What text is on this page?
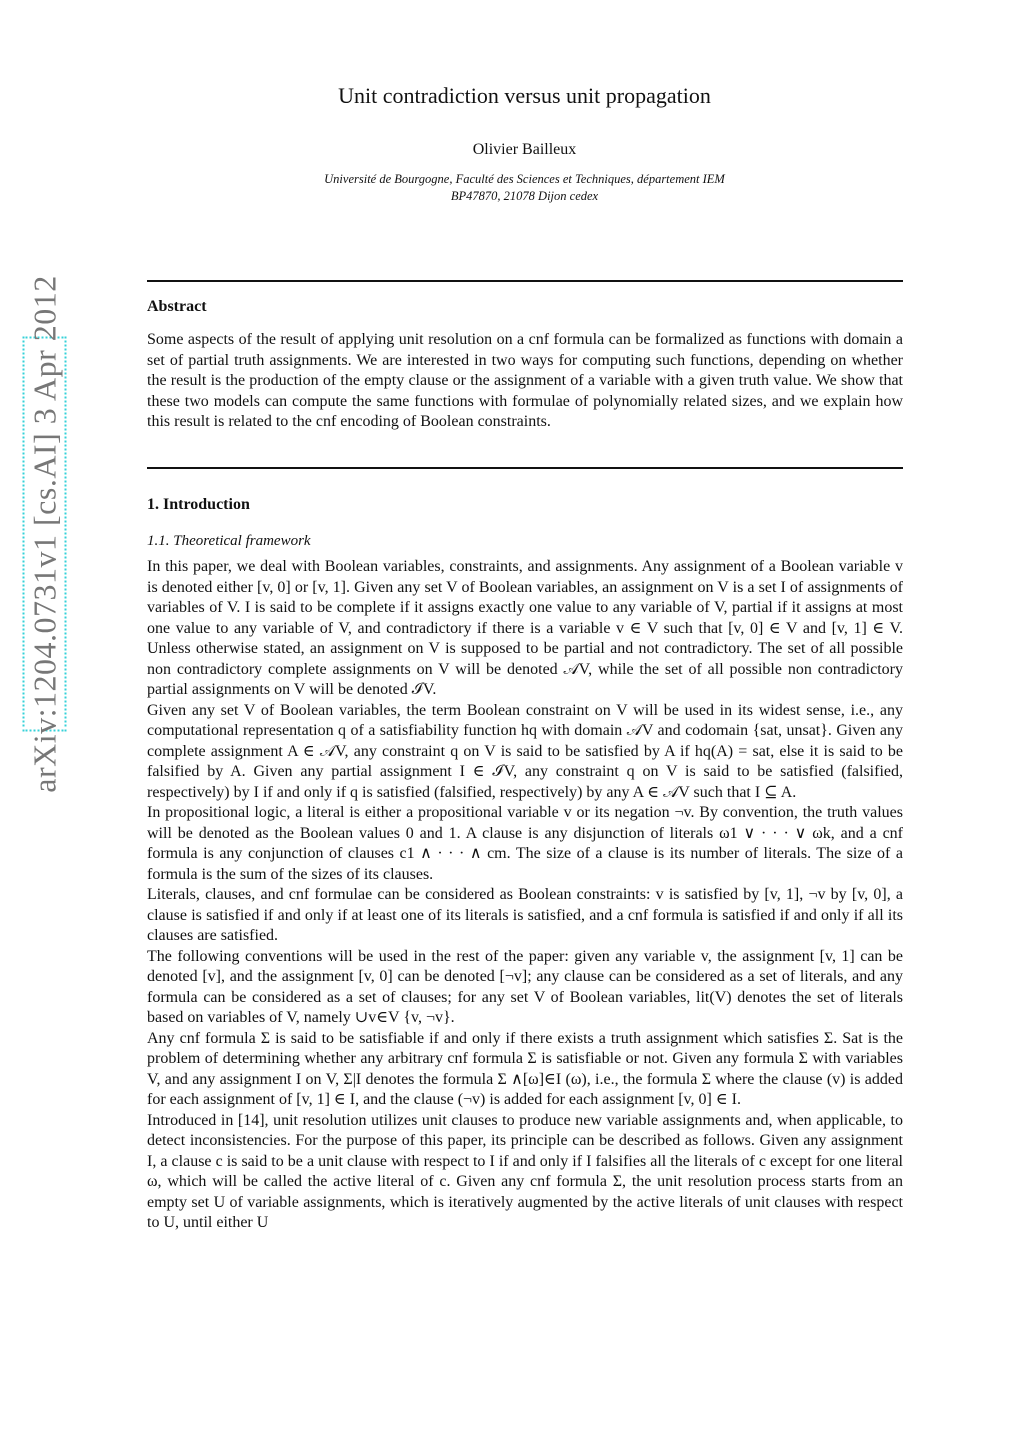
arXiv:1204.0731v1 [cs.AI] 3 Apr 2012
Unit contradiction versus unit propagation
Olivier Bailleux
Université de Bourgogne, Faculté des Sciences et Techniques, département IEM
BP47870, 21078 Dijon cedex
Abstract
Some aspects of the result of applying unit resolution on a cnf formula can be formalized as functions with domain a set of partial truth assignments. We are interested in two ways for computing such functions, depending on whether the result is the production of the empty clause or the assignment of a variable with a given truth value. We show that these two models can compute the same functions with formulae of polynomially related sizes, and we explain how this result is related to the cnf encoding of Boolean constraints.
1. Introduction
1.1. Theoretical framework

In this paper, we deal with Boolean variables, constraints, and assignments. Any assignment of a Boolean variable v is denoted either [v, 0] or [v, 1]. Given any set V of Boolean variables, an assignment on V is a set I of assignments of variables of V. I is said to be complete if it assigns exactly one value to any variable of V, partial if it assigns at most one value to any variable of V, and contradictory if there is a variable v ∈ V such that [v, 0] ∈ V and [v, 1] ∈ V. Unless otherwise stated, an assignment on V is supposed to be partial and not contradictory. The set of all possible non contradictory complete assignments on V will be denoted 𝒜V, while the set of all possible non contradictory partial assignments on V will be denoted ℐV.

Given any set V of Boolean variables, the term Boolean constraint on V will be used in its widest sense, i.e., any computational representation q of a satisfiability function hq with domain 𝒜V and codomain {sat, unsat}. Given any complete assignment A ∈ 𝒜V, any constraint q on V is said to be satisfied by A if hq(A) = sat, else it is said to be falsified by A. Given any partial assignment I ∈ ℐV, any constraint q on V is said to be satisfied (falsified, respectively) by I if and only if q is satisfied (falsified, respectively) by any A ∈ 𝒜V such that I ⊆ A.

In propositional logic, a literal is either a propositional variable v or its negation ¬v. By convention, the truth values will be denoted as the Boolean values 0 and 1. A clause is any disjunction of literals ω1 ∨ · · · ∨ ωk, and a cnf formula is any conjunction of clauses c1 ∧ · · · ∧ cm. The size of a clause is its number of literals. The size of a formula is the sum of the sizes of its clauses.

Literals, clauses, and cnf formulae can be considered as Boolean constraints: v is satisfied by [v, 1], ¬v by [v, 0], a clause is satisfied if and only if at least one of its literals is satisfied, and a cnf formula is satisfied if and only if all its clauses are satisfied.

The following conventions will be used in the rest of the paper: given any variable v, the assignment [v, 1] can be denoted [v], and the assignment [v, 0] can be denoted [¬v]; any clause can be considered as a set of literals, and any formula can be considered as a set of clauses; for any set V of Boolean variables, lit(V) denotes the set of literals based on variables of V, namely ∪v∈V {v, ¬v}.

Any cnf formula Σ is said to be satisfiable if and only if there exists a truth assignment which satisfies Σ. Sat is the problem of determining whether any arbitrary cnf formula Σ is satisfiable or not. Given any formula Σ with variables V, and any assignment I on V, Σ|I denotes the formula Σ ∧[ω]∈I (ω), i.e., the formula Σ where the clause (v) is added for each assignment of [v, 1] ∈ I, and the clause (¬v) is added for each assignment [v, 0] ∈ I.

Introduced in [14], unit resolution utilizes unit clauses to produce new variable assignments and, when applicable, to detect inconsistencies. For the purpose of this paper, its principle can be described as follows. Given any assignment I, a clause c is said to be a unit clause with respect to I if and only if I falsifies all the literals of c except for one literal ω, which will be called the active literal of c. Given any cnf formula Σ, the unit resolution process starts from an empty set U of variable assignments, which is iteratively augmented by the active literals of unit clauses with respect to U, until either U
